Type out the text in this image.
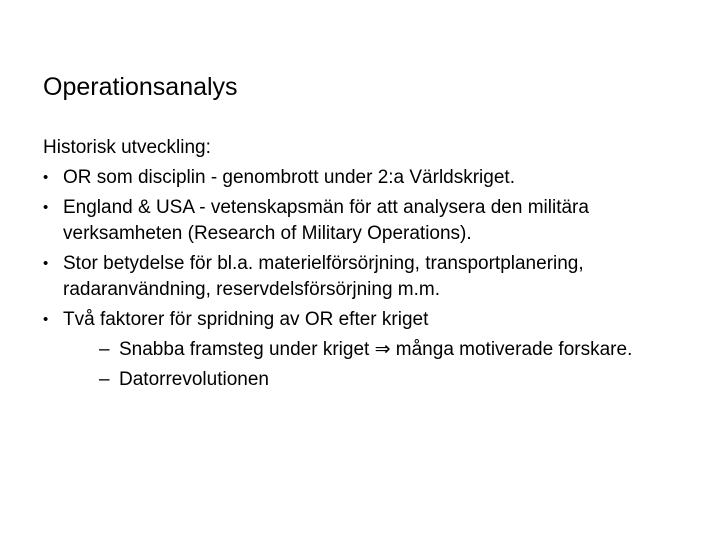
Operationsanalys
Historisk utveckling:
• OR som disciplin - genombrott under 2:a Världskriget.
• England & USA - vetenskapsmän för att analysera den militära verksamheten (Research of Military Operations).
• Stor betydelse för bl.a. materielförsörjning, transportplanering, radaranvändning, reservdelsförsörjning m.m.
• Två faktorer för spridning av OR efter kriget
– Snabba framsteg under kriget ⇒ många motiverade forskare.
– Datorrevolutionen
